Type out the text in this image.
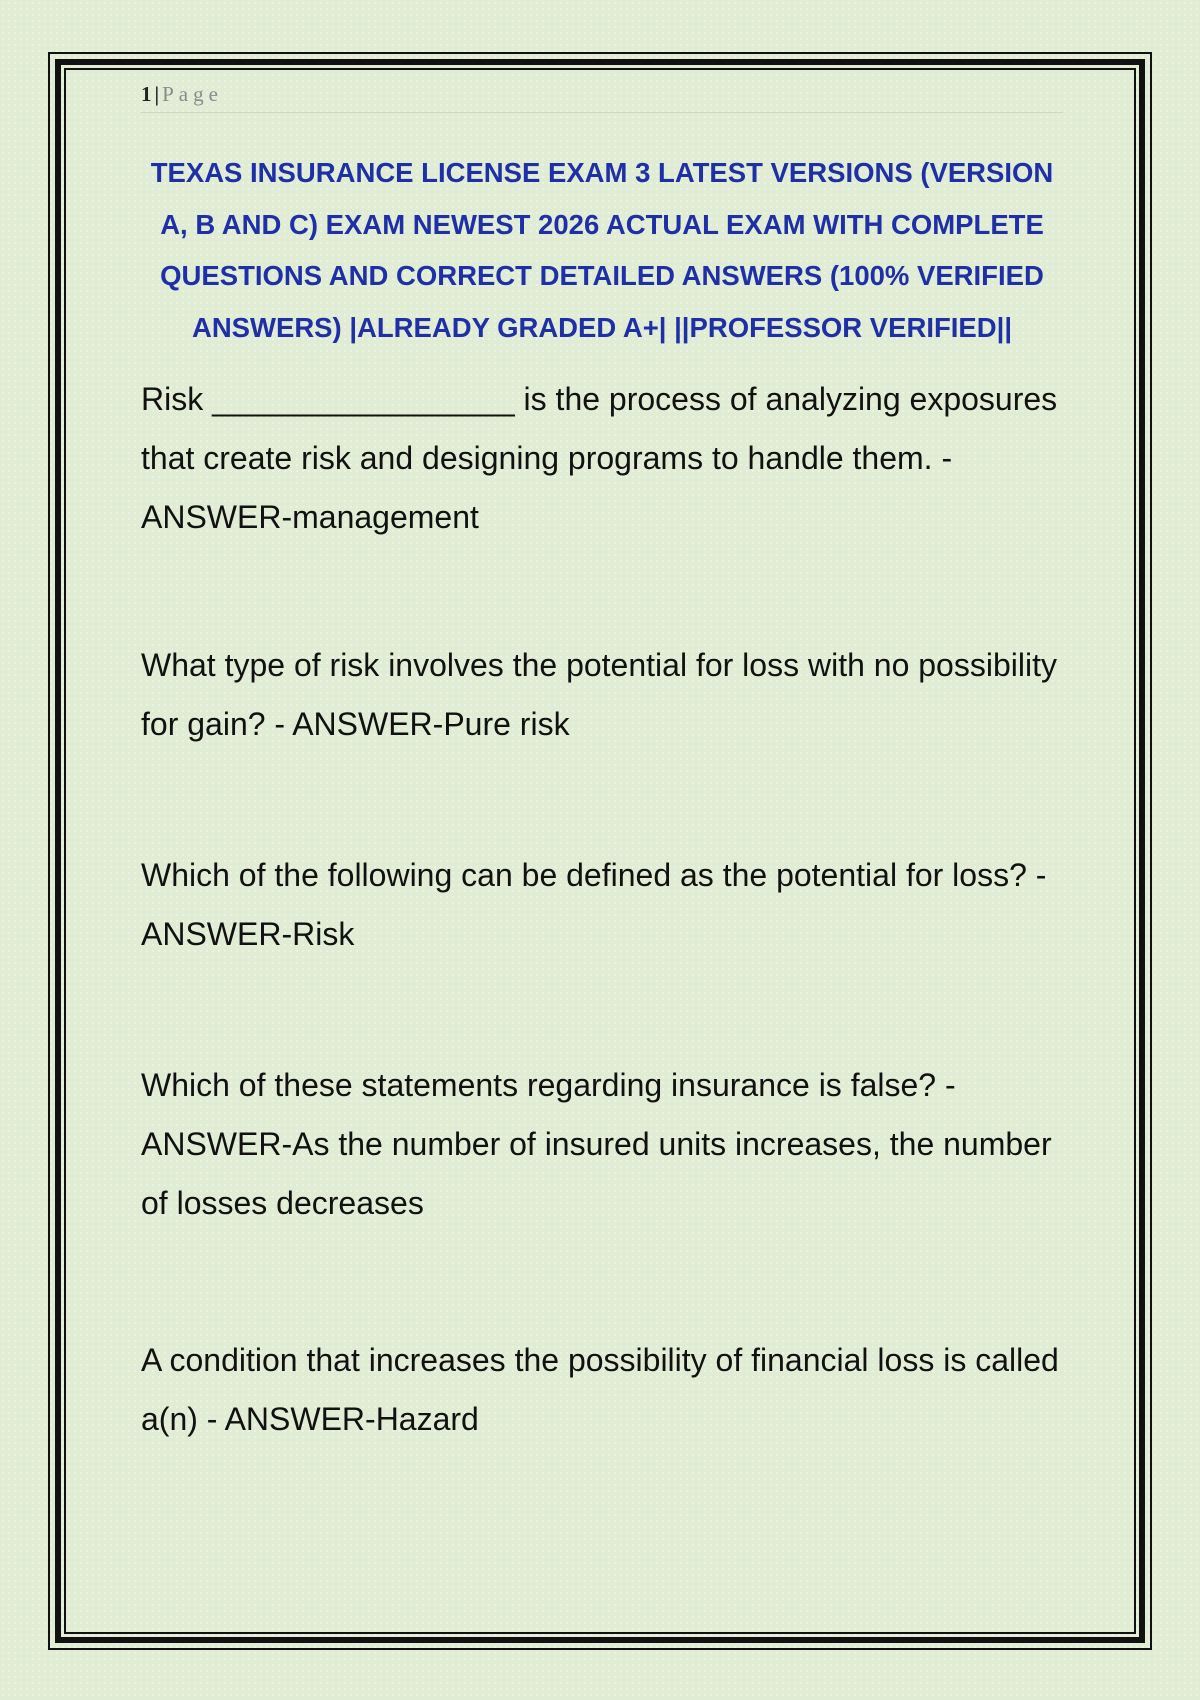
1 | Page
TEXAS INSURANCE LICENSE EXAM 3 LATEST VERSIONS (VERSION A, B AND C) EXAM NEWEST 2026 ACTUAL EXAM WITH COMPLETE QUESTIONS AND CORRECT DETAILED ANSWERS (100% VERIFIED ANSWERS) |ALREADY GRADED A+| ||PROFESSOR VERIFIED||

Risk _________________ is the process of analyzing exposures that create risk and designing programs to handle them. - ANSWER-management

What type of risk involves the potential for loss with no possibility for gain? - ANSWER-Pure risk

Which of the following can be defined as the potential for loss? - ANSWER-Risk

Which of these statements regarding insurance is false? - ANSWER-As the number of insured units increases, the number of losses decreases

A condition that increases the possibility of financial loss is called a(n) - ANSWER-Hazard
